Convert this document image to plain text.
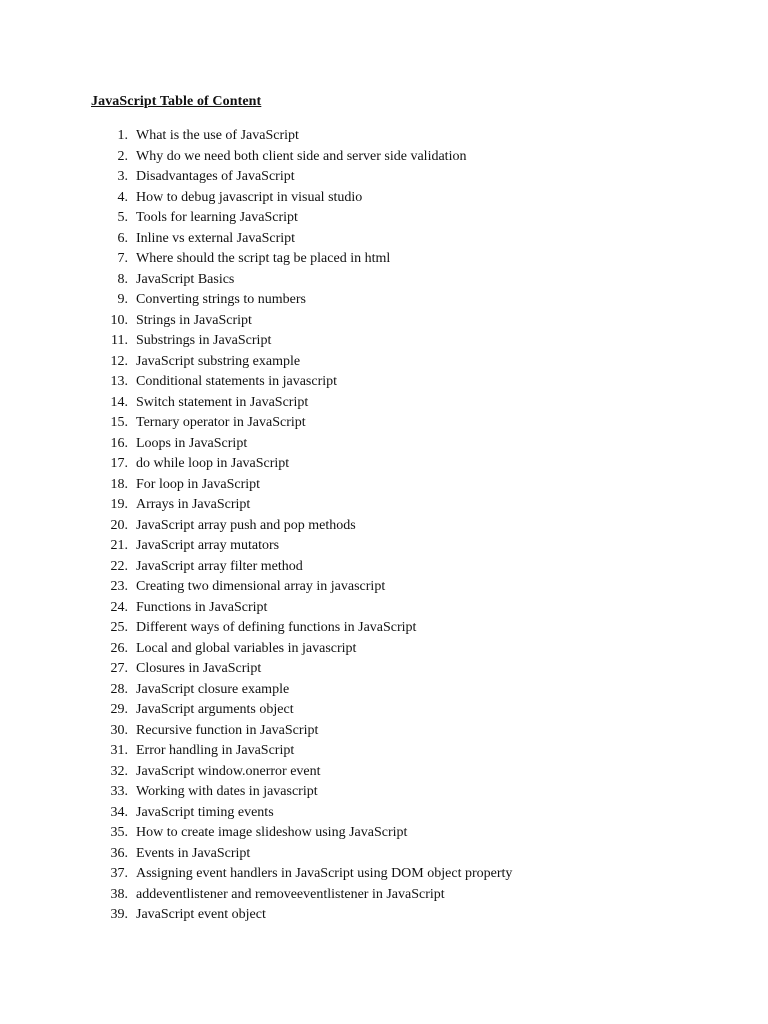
JavaScript Table of Content
1. What is the use of JavaScript
2. Why do we need both client side and server side validation
3. Disadvantages of JavaScript
4. How to debug javascript in visual studio
5. Tools for learning JavaScript
6. Inline vs external JavaScript
7. Where should the script tag be placed in html
8. JavaScript Basics
9. Converting strings to numbers
10. Strings in JavaScript
11. Substrings in JavaScript
12. JavaScript substring example
13. Conditional statements in javascript
14. Switch statement in JavaScript
15. Ternary operator in JavaScript
16. Loops in JavaScript
17. do while loop in JavaScript
18. For loop in JavaScript
19. Arrays in JavaScript
20. JavaScript array push and pop methods
21. JavaScript array mutators
22. JavaScript array filter method
23. Creating two dimensional array in javascript
24. Functions in JavaScript
25. Different ways of defining functions in JavaScript
26. Local and global variables in javascript
27. Closures in JavaScript
28. JavaScript closure example
29. JavaScript arguments object
30. Recursive function in JavaScript
31. Error handling in JavaScript
32. JavaScript window.onerror event
33. Working with dates in javascript
34. JavaScript timing events
35. How to create image slideshow using JavaScript
36. Events in JavaScript
37. Assigning event handlers in JavaScript using DOM object property
38. addeventlistener and removeeventlistener in JavaScript
39. JavaScript event object
